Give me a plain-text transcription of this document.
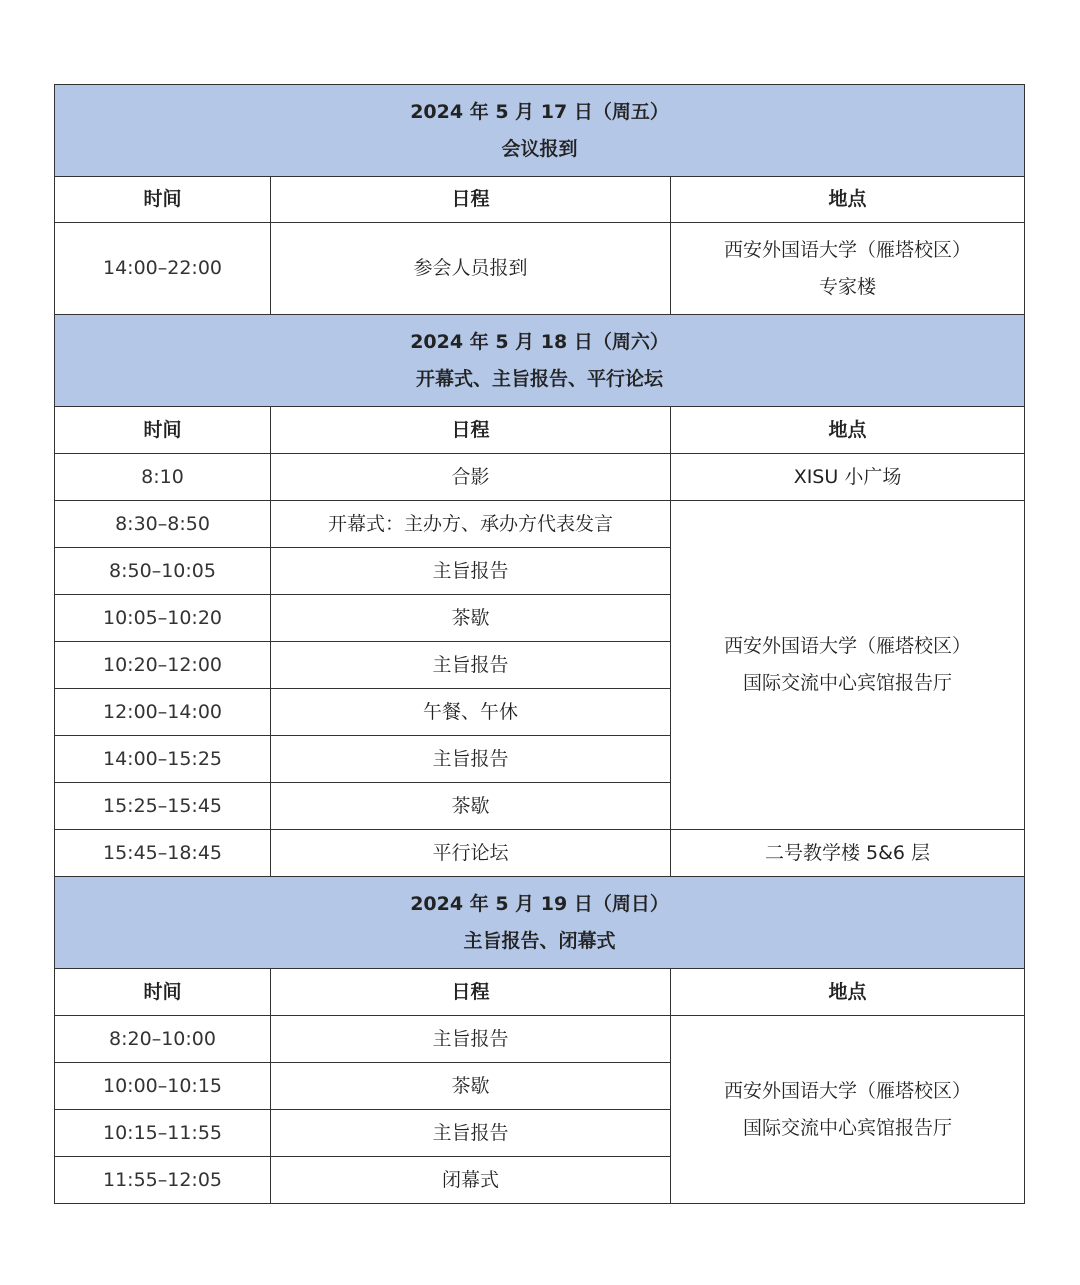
2024 年 5 月 17 日（周五）
会议报到		

时间	日程	地点
14:00–22:00	参会人员报到	西安外国语大学（雁塔校区）
专家楼

2024 年 5 月 18 日（周六）
开幕式、主旨报告、平行论坛		

时间	日程	地点
8:10	合影	XISU 小广场
8:30–8:50	开幕式：主办方、承办方代表发言	西安外国语大学（雁塔校区）
国际交流中心宾馆报告厅

8:50–10:05	主旨报告	
10:05–10:20	茶歇	
10:20–12:00	主旨报告	
12:00–14:00	午餐、午休	
14:00–15:25	主旨报告	
15:25–15:45	茶歇	
15:45–18:45	平行论坛	二号教学楼 5&6 层

2024 年 5 月 19 日（周日）
主旨报告、闭幕式		

时间	日程	地点
8:20–10:00	主旨报告	西安外国语大学（雁塔校区）
国际交流中心宾馆报告厅

10:00–10:15	茶歇	
10:15–11:55	主旨报告	
11:55–12:05	闭幕式	
